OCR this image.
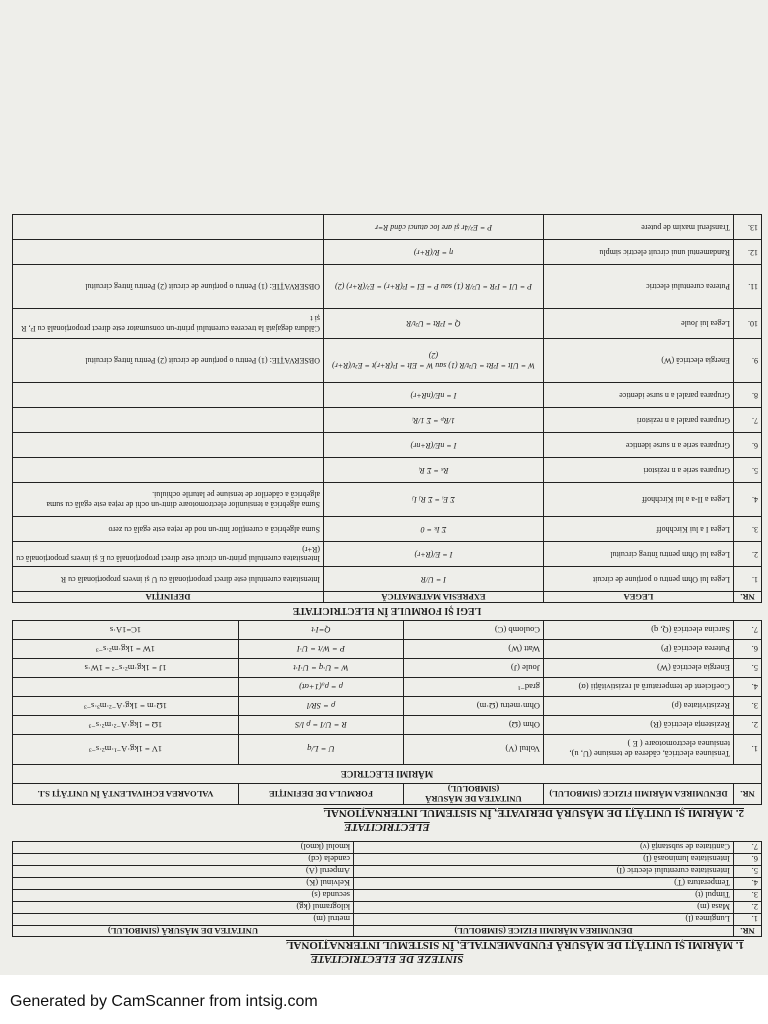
SINTEZE DE ELECTRICITATE
1. MĂRIMI ȘI UNITĂȚI DE MĂSURĂ FUNDAMENTALE, ÎN SISTEMUL INTERNAȚIONAL
NR.	DENUMIREA MĂRIMII FIZICE (SIMBOLUL)	UNITATEA DE MĂSURĂ (SIMBOLUL)
1.	Lungimea (l)	metrul (m)
2.	Masa (m)	kilogramul (kg)
3.	Timpul (t)	secunda (s)
4.	Temperatura (T)	Kelvinul (K)
5.	Intensitatea curentului electric (I)	Amperul (A)
6.	Intensitatea luminoasă (I)	candela (cd)
7.	Cantitatea de substanță (ν)	kmolul (kmol)
ELECTRICITATE
2. MĂRIMI ȘI UNITĂȚI DE MĂSURĂ DERIVATE, ÎN SISTEMUL INTERNAȚIONAL
NR.	DENUMIREA MĂRIMII FIZICE (SIMBOLUL)	UNITATEA DE MĂSURĂ (SIMBOLUL)	FORMULA DE DEFINIȚIE	VALOAREA ECHIVALENTĂ ÎN UNITĂȚI S.I.
MĂRIMI ELECTRICE				
1.	Tensiunea electrică, căderea de tensiune (U, u), tensiunea electromotoare ( E )	Voltul (V)	U = L/q	1V = 1kg·A⁻¹·m²·s⁻³
2.	Rezistența electrică (R)	Ohm (Ω)	R = U/I = ρ l/S	1Ω = 1kg·A⁻²·m²·s⁻³
3.	Rezistivitatea (ρ)	Ohm·metru (Ω·m)	ρ = SR/l	1Ω·m = 1kg·A⁻²·m³·s⁻³
4.	Coeficient de temperatură al rezistivității (α)	grad⁻¹	ρ = ρ₀(1+αt)	
5.	Energia electrică (W)	Joule (J)	W = U·q = U·I·t	1J = 1kg·m²·s⁻² = 1W·s
6.	Puterea electrică (P)	Watt (W)	P = W/t = U·I	1W = 1kg·m²·s⁻³
7.	Sarcina electrică (Q, q)	Coulomb (C)	Q=I·t	1C=1A·s
LEGI ȘI FORMULE ÎN ELECTRICITATE
NR.	LEGEA	EXPRESIA MATEMATICĂ	DEFINIȚIA
1.	Legea lui Ohm pentru o porțiune de circuit	I = U/R	Intensitatea curentului este direct proporțională cu U și invers proporțională cu R
2.	Legea lui Ohm pentru întreg circuitul	I = E/(R+r)	Intensitatea curentului printr-un circuit este direct proporțională cu E și invers proporțională cu (R+r)
3.	Legea I a lui Kirchhoff	Σ Iₖ = 0	Suma algebrică a curenților într-un nod de rețea este egală cu zero
4.	Legea a II-a a lui Kirchhoff	Σ Eᵢ = Σ Rⱼ Iⱼ	Suma algebrică a tensiunilor electromotoare dintr-un ochi de rețea este egală cu suma algebrică a căderilor de tensiune pe laturile ochiului.
5.	Gruparea serie a n rezistori	Rₛ = Σ Rᵢ	
6.	Gruparea serie a n surse identice	I = nE/(R+nr)	
7.	Gruparea paralel a n rezistori	1/Rₚ = Σ 1/Rᵢ	
8.	Gruparea paralel a n surse identice	I = nE/(nR+r)	
9.	Energia electrică (W)	W = UIt = I²Rt = U²t/R (1) sau W = EIt = I²(R+r)t = E²t/(R+r) (2)	OBSERVAȚIE: (1) Pentru o porțiune de circuit (2) Pentru întreg circuitul
10.	Legea lui Joule	Q = I²Rt = U²t/R	Căldura degajată la trecerea curentului printr-un consumator este direct proporțională cu I², R și t
11.	Puterea curentului electric	P = UI = I²R = U²/R (1) sau P = EI = I²(R+r) = E²/(R+r) (2)	OBSERVAȚIE: (1) Pentru o porțiune de circuit (2) Pentru întreg circuitul
12.	Randamentul unui circuit electric simplu	η = R/(R+r)	
13.	Transferul maxim de putere	P = E²/4r și are loc atunci când R=r	
Generated by CamScanner from intsig.com
